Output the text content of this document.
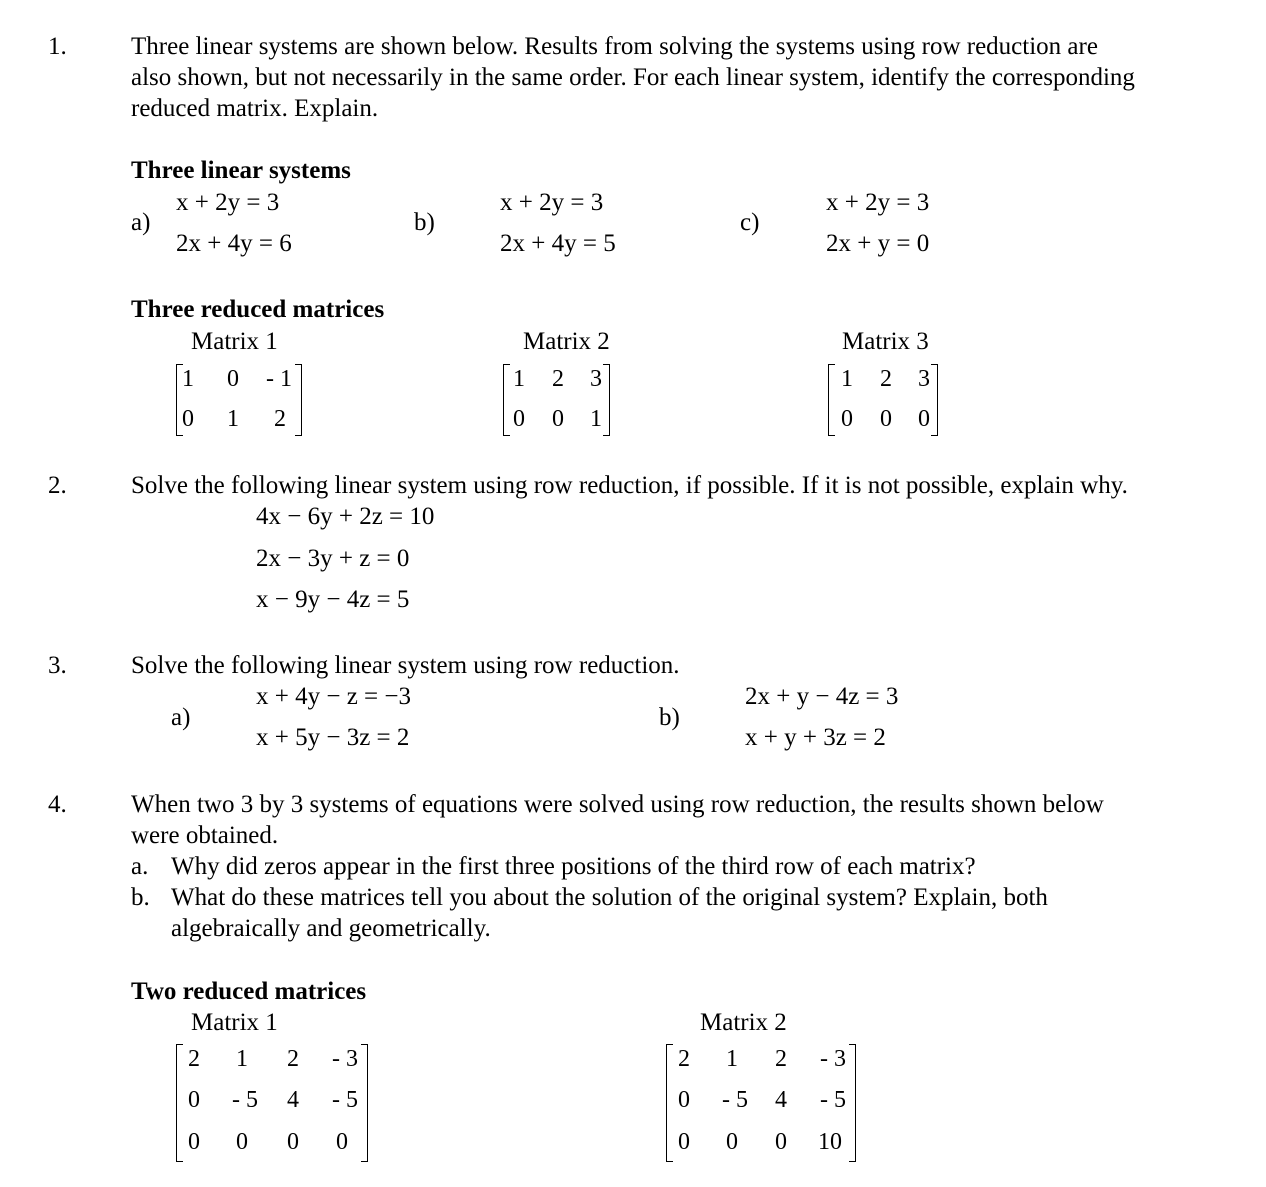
1.	Three linear systems are shown below. Results from solving the systems using row reduction are
also shown, but not necessarily in the same order. For each linear system, identify the corresponding
reduced matrix. Explain.
Three linear systems
a)
x + 2y = 3
2x + 4y = 6
b)
x + 2y = 3
2x + 4y = 5
c)
x + 2y = 3
2x + y = 0
Three reduced matrices
Matrix 1
1 0 - 1
0 1 2
Matrix 2
1 2 3
0 0 1
Matrix 3
1 2 3
0 0 0
2.	Solve the following linear system using row reduction, if possible. If it is not possible, explain why.
4x − 6y + 2z = 10
2x − 3y + z = 0
x − 9y − 4z = 5
3.	Solve the following linear system using row reduction.
a)
x + 4y − z = −3
x + 5y − 3z = 2
b)
2x + y − 4z = 3
x + y + 3z = 2
4.	When two 3 by 3 systems of equations were solved using row reduction, the results shown below
were obtained.
a. Why did zeros appear in the first three positions of the third row of each matrix?
b. What do these matrices tell you about the solution of the original system? Explain, both
algebraically and geometrically.
Two reduced matrices
Matrix 1
2 1 2 - 3
0 - 5 4 - 5
0 0 0 0
Matrix 2
2 1 2 - 3
0 - 5 4 - 5
0 0 0 10
